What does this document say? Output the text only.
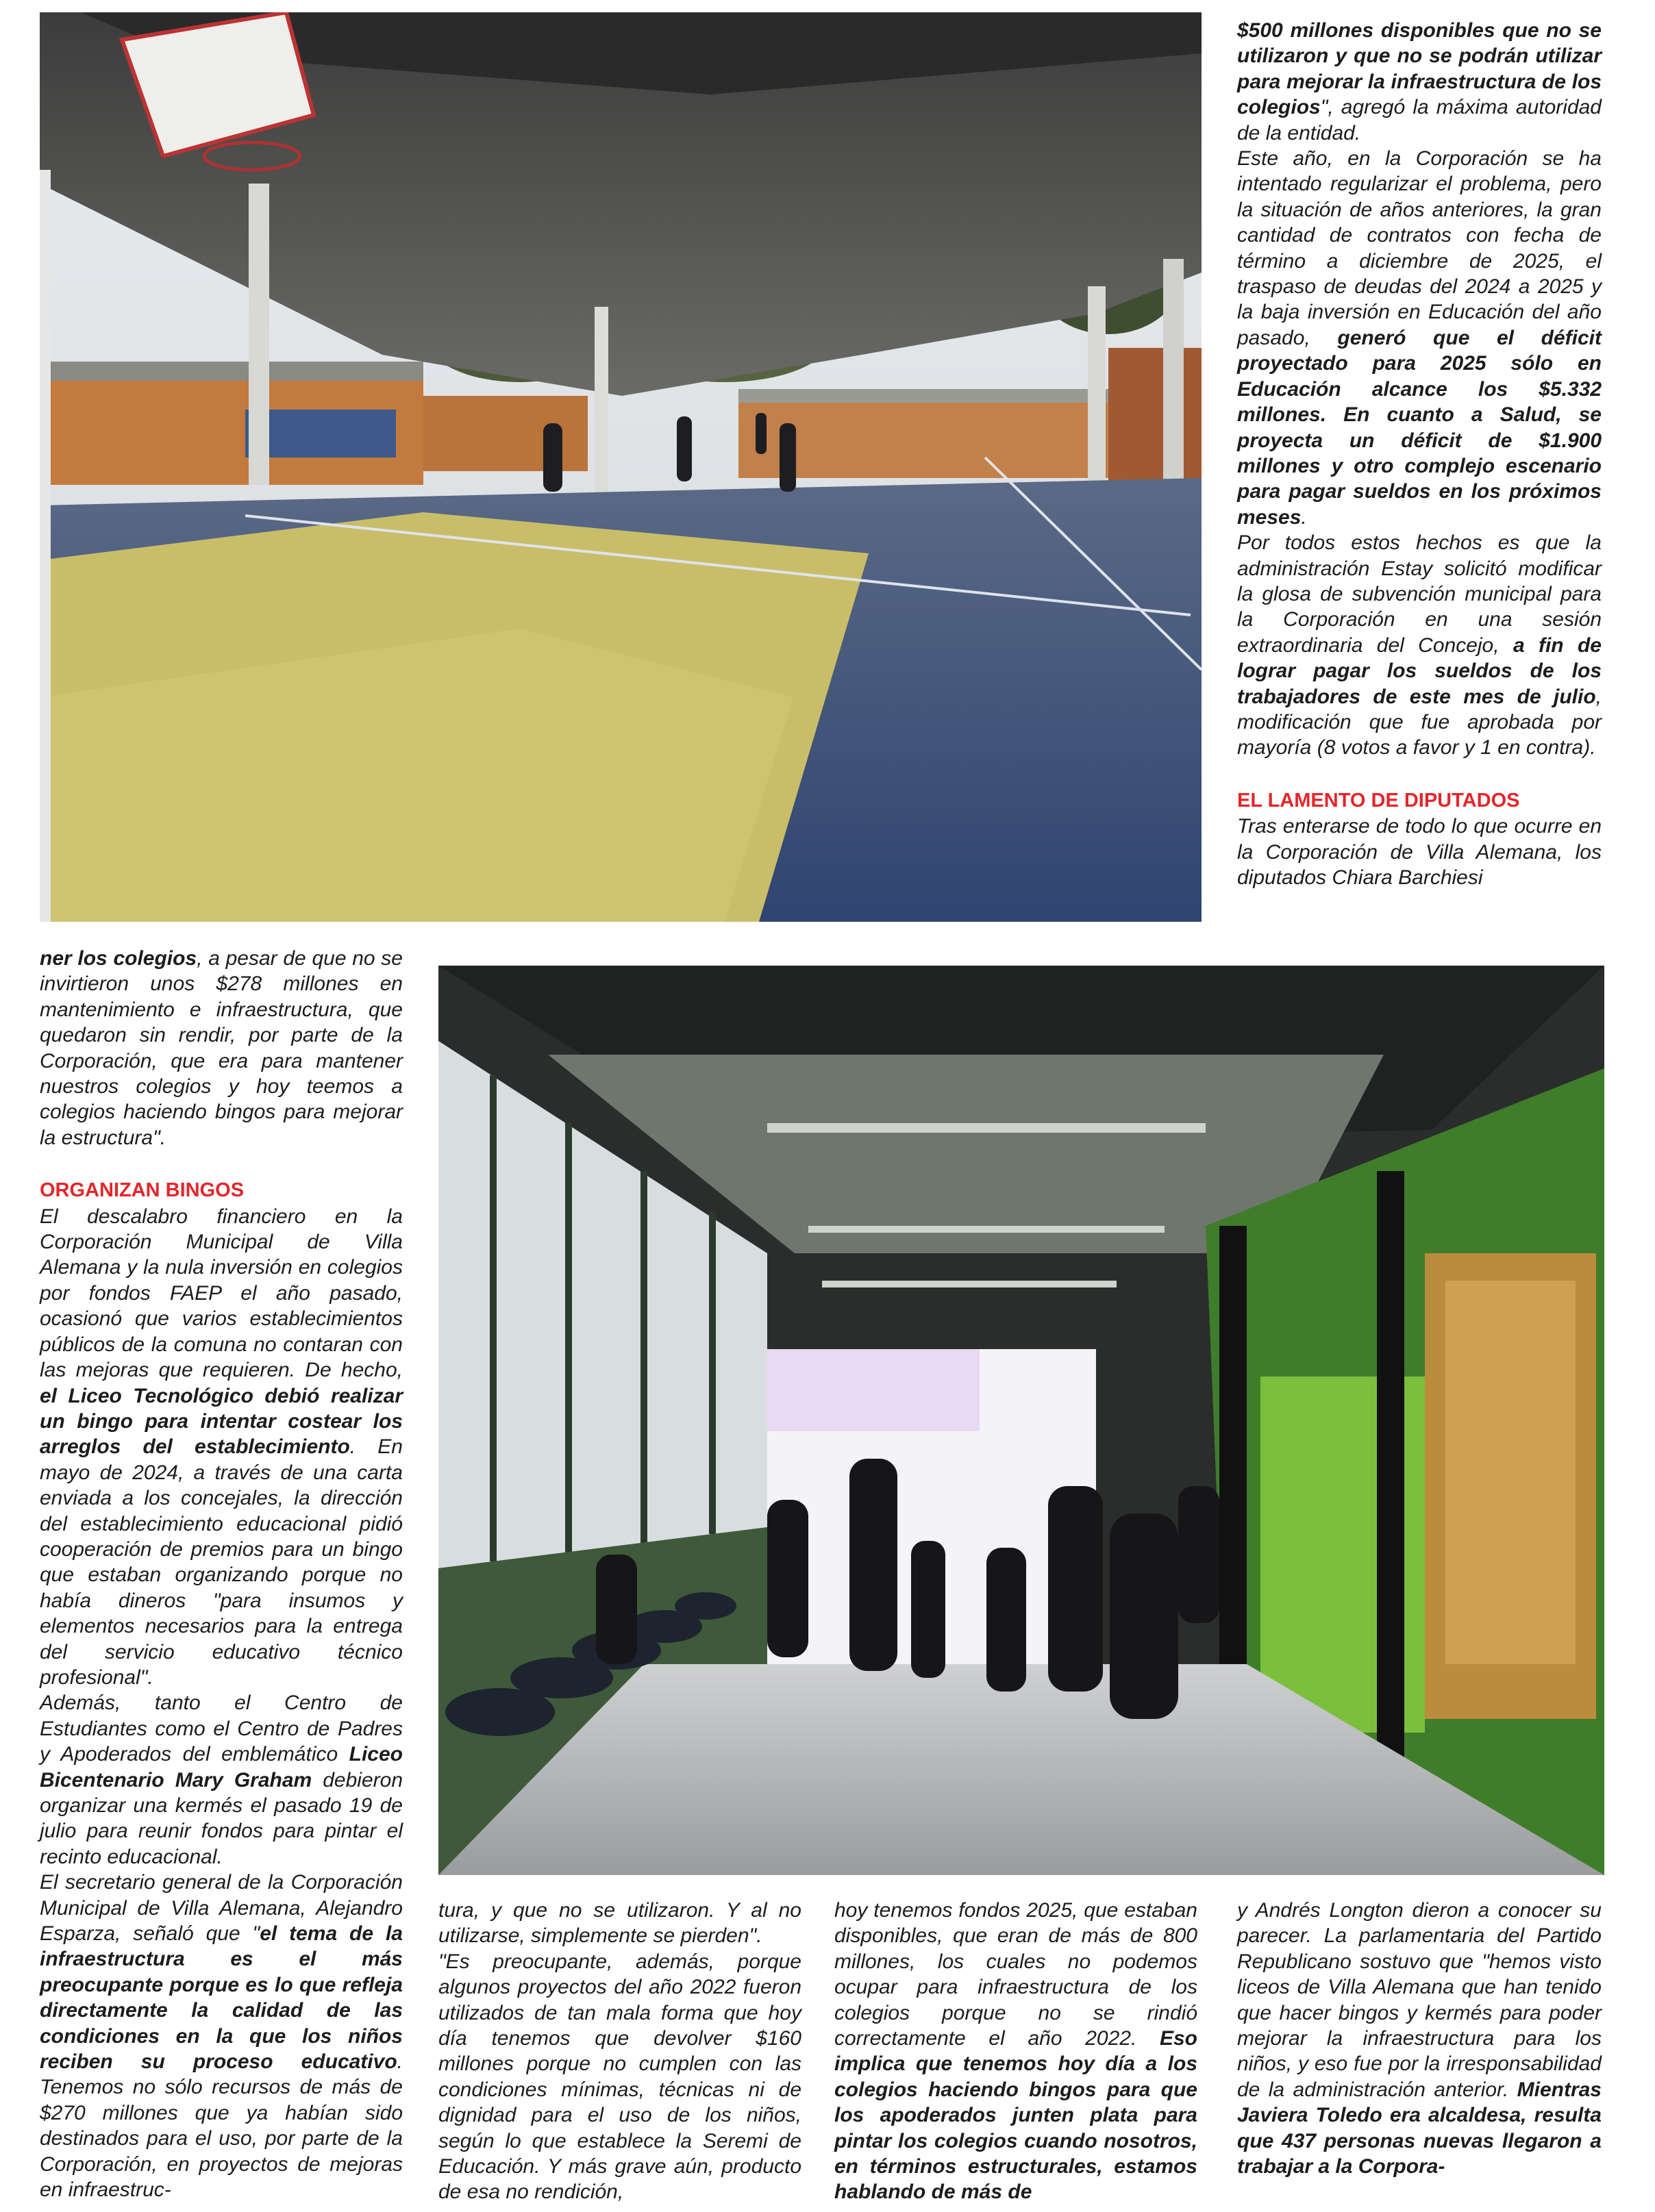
$500 millones disponibles que no se utilizaron y que no se podrán utilizar para mejorar la infraestructura de los colegios", agregó la máxima autoridad de la entidad.

Este año, en la Corporación se ha intentado regularizar el problema, pero la situación de años anteriores, la gran cantidad de contratos con fecha de término a diciembre de 2025, el traspaso de deudas del 2024 a 2025 y la baja inversión en Educación del año pasado, generó que el déficit proyectado para 2025 sólo en Educación alcance los $5.332 millones. En cuanto a Salud, se proyecta un déficit de $1.900 millones y otro complejo escenario para pagar sueldos en los próximos meses.

Por todos estos hechos es que la administración Estay solicitó modificar la glosa de subvención municipal para la Corporación en una sesión extraordinaria del Concejo, a fin de lograr pagar los sueldos de los trabajadores de este mes de julio, modificación que fue aprobada por mayoría (8 votos a favor y 1 en contra).

EL LAMENTO DE DIPUTADOS

Tras enterarse de todo lo que ocurre en la Corporación de Villa Alemana, los diputados Chiara Barchiesi

ner los colegios, a pesar de que no se invirtieron unos $278 millones en mantenimiento e infraestructura, que quedaron sin rendir, por parte de la Corporación, que era para mantener nuestros colegios y hoy teemos a colegios haciendo bingos para mejorar la estructura".

ORGANIZAN BINGOS

El descalabro financiero en la Corporación Municipal de Villa Alemana y la nula inversión en colegios por fondos FAEP el año pasado, ocasionó que varios establecimientos públicos de la comuna no contaran con las mejoras que requieren. De hecho, el Liceo Tecnológico debió realizar un bingo para intentar costear los arreglos del establecimiento. En mayo de 2024, a través de una carta enviada a los concejales, la dirección del establecimiento educacional pidió cooperación de premios para un bingo que estaban organizando porque no había dineros "para insumos y elementos necesarios para la entrega del servicio educativo técnico profesional".

Además, tanto el Centro de Estudiantes como el Centro de Padres y Apoderados del emblemático Liceo Bicentenario Mary Graham debieron organizar una kermés el pasado 19 de julio para reunir fondos para pintar el recinto educacional.

El secretario general de la Corporación Municipal de Villa Alemana, Alejandro Esparza, señaló que "el tema de la infraestructura es el más preocupante porque es lo que refleja directamente la calidad de las condiciones en la que los niños reciben su proceso educativo. Tenemos no sólo recursos de más de $270 millones que ya habían sido destinados para el uso, por parte de la Corporación, en proyectos de mejoras en infraestruc-

tura, y que no se utilizaron. Y al no utilizarse, simplemente se pierden".

"Es preocupante, además, porque algunos proyectos del año 2022 fueron utilizados de tan mala forma que hoy día tenemos que devolver $160 millones porque no cumplen con las condiciones mínimas, técnicas ni de dignidad para el uso de los niños, según lo que establece la Seremi de Educación. Y más grave aún, producto de esa no rendición,

hoy tenemos fondos 2025, que estaban disponibles, que eran de más de 800 millones, los cuales no podemos ocupar para infraestructura de los colegios porque no se rindió correctamente el año 2022. Eso implica que tenemos hoy día a los colegios haciendo bingos para que los apoderados junten plata para pintar los colegios cuando nosotros, en términos estructurales, estamos hablando de más de

y Andrés Longton dieron a conocer su parecer. La parlamentaria del Partido Republicano sostuvo que "hemos visto liceos de Villa Alemana que han tenido que hacer bingos y kermés para poder mejorar la infraestructura para los niños, y eso fue por la irresponsabilidad de la administración anterior. Mientras Javiera Toledo era alcaldesa, resulta que 437 personas nuevas llegaron a trabajar a la Corpora-
